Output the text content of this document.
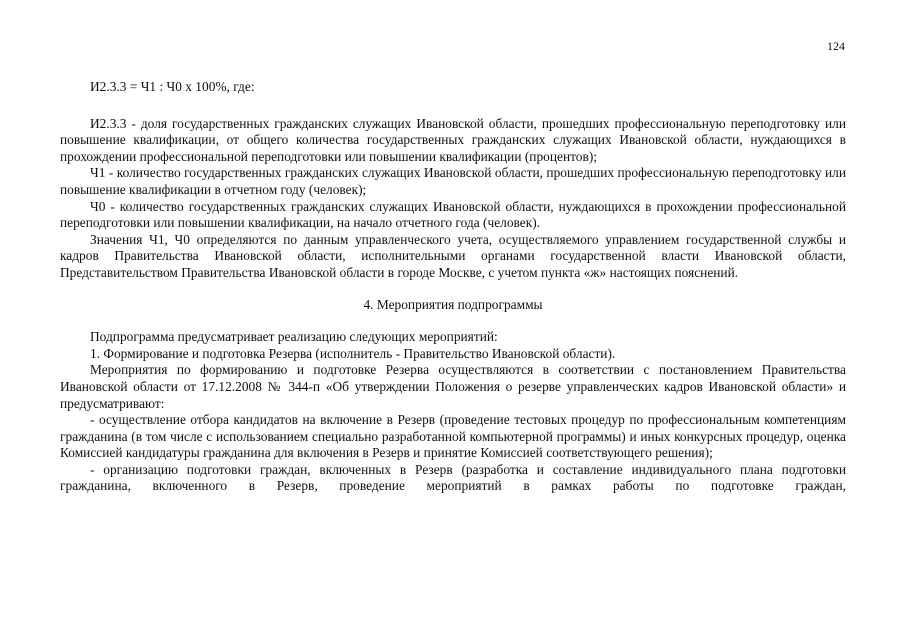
124

И2.3.3 = Ч1 : Ч0 x 100%, где:

И2.3.3 - доля государственных гражданских служащих Ивановской области, прошедших профессиональную переподготовку или повышение квалификации, от общего количества государственных гражданских служащих Ивановской области, нуждающихся в прохождении профессиональной переподготовки или повышении квалификации (процентов);

Ч1 - количество государственных гражданских служащих Ивановской области, прошедших профессиональную переподготовку или повышение квалификации в отчетном году (человек);

Ч0 - количество государственных гражданских служащих Ивановской области, нуждающихся в прохождении профессиональной переподготовки или повышении квалификации, на начало отчетного года (человек).

Значения Ч1, Ч0 определяются по данным управленческого учета, осуществляемого управлением государственной службы и кадров Правительства Ивановской области, исполнительными органами государственной власти Ивановской области, Представительством Правительства Ивановской области в городе Москве, с учетом пункта «ж» настоящих пояснений.

4. Мероприятия подпрограммы

Подпрограмма предусматривает реализацию следующих мероприятий:

1. Формирование и подготовка Резерва (исполнитель - Правительство Ивановской области).

Мероприятия по формированию и подготовке Резерва осуществляются в соответствии с постановлением Правительства Ивановской области от 17.12.2008 № 344-п «Об утверждении Положения о резерве управленческих кадров Ивановской области» и предусматривают:

- осуществление отбора кандидатов на включение в Резерв (проведение тестовых процедур по профессиональным компетенциям гражданина (в том числе с использованием специально разработанной компьютерной программы) и иных конкурсных процедур, оценка Комиссией кандидатуры гражданина для включения в Резерв и принятие Комиссией соответствующего решения);

- организацию подготовки граждан, включенных в Резерв (разработка и составление индивидуального плана подготовки гражданина, включенного в Резерв, проведение мероприятий в рамках работы по подготовке граждан,
